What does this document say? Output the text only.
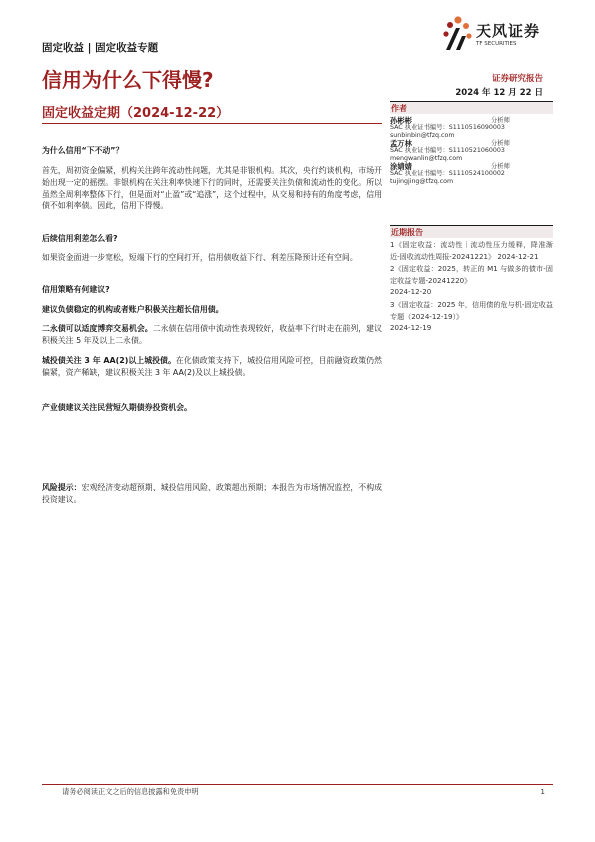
固定收益 | 固定收益专题
天风证券
TF SECURITIES
信用为什么下得慢?
固定收益定期（2024-12-22）
证券研究报告
2024 年 12 月 22 日
作者
孙彬彬	分析师
SAC 执业证书编号：S1110516090003
sunbinbin@tfzq.com
孟万林	分析师
SAC 执业证书编号：S1110521060003
mengwanlin@tfzq.com
涂婧婧	分析师
SAC 执业证书编号：S1110524100002
tujingjing@tfzq.com
近期报告
1《固定收益：流动性｜流动性压力缓释，降准渐近-固收流动性周报-20241221》 2024-12-21
2《固定收益：2025，转正的 M1 与做多的债市-固定收益专题-20241220》
2024-12-20
3《固定收益：2025 年，信用债的危与机-固定收益专题（2024-12-19）》
2024-12-19
为什么信用“下不动”？
首先，周初资金偏紧，机构关注跨年流动性问题，尤其是非银机构。其次，央行约谈机构，市场开始出现一定的摇摆。非银机构在关注利率快速下行的同时，还需要关注负债和流动性的变化。所以虽然全周利率整体下行，但是面对“止盈”或“追涨”，这个过程中，从交易和持有的角度考虑，信用债不如利率债。因此，信用下得慢。
后续信用利差怎么看?
如果资金面进一步宽松，短端下行的空间打开，信用债收益下行、利差压降预计还有空间。
信用策略有何建议?
建议负债稳定的机构或者账户积极关注超长信用债。
二永债可以适度博弈交易机会。二永债在信用债中流动性表现较好，收益率下行时走在前列，建议积极关注 5 年及以上二永债。
城投债关注 3 年 AA(2)以上城投债。在化债政策支持下，城投信用风险可控，目前融资政策仍然偏紧，资产稀缺，建议积极关注 3 年 AA(2)及以上城投债。
产业债建议关注民营短久期债券投资机会。
风险提示：宏观经济变动超预期、城投信用风险、政策超出预期；本报告为市场情况监控，不构成投资建议。
请务必阅读正文之后的信息披露和免责申明	1
